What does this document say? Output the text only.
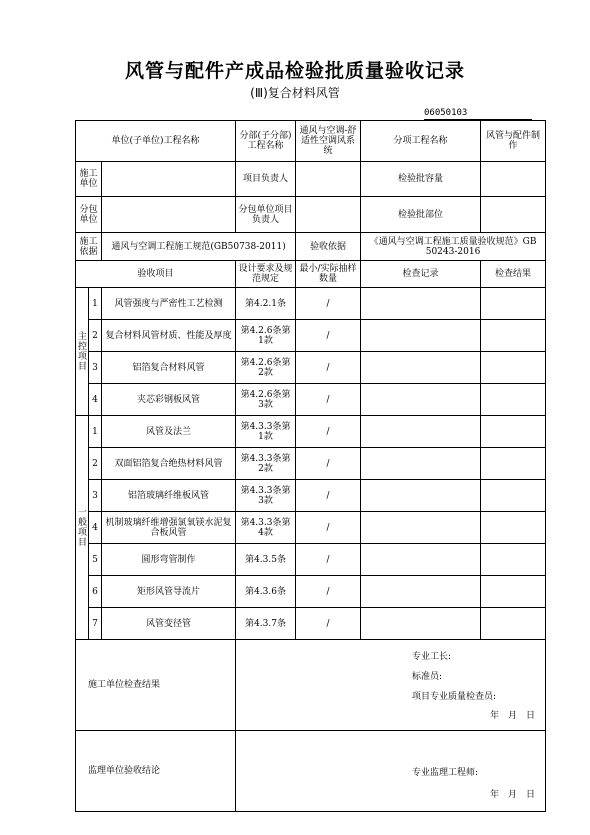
风管与配件产成品检验批质量验收记录
(Ⅲ)复合材料风管
06050103
单位(子单位)工程名称			分部(子分部)工程名称	通风与空调-舒适性空调风系统	分项工程名称	风管与配件制作
施工单位			项目负责人		检验批容量	
分包单位			分包单位项目负责人		检验批部位	
施工依据		通风与空调工程施工规范(GB50738-2011)		验收依据	《通风与空调工程施工质量验收规范》GB 50243-2016	
验收项目			设计要求及规范规定	最小/实际抽样数量	检查记录	检查结果
主控项目	1	风管强度与严密性工艺检测	第4.2.1条	/		
	2	复合材料风管材质、性能及厚度	第4.2.6条第1款	/		
	3	铝箔复合材料风管	第4.2.6条第2款	/		
	4	夹芯彩钢板风管	第4.2.6条第3款	/		
一般项目	1	风管及法兰	第4.3.3条第1款	/		
	2	双面铝箔复合绝热材料风管	第4.3.3条第2款	/		
	3	铝箔玻璃纤维板风管	第4.3.3条第3款	/		
	4	机制玻璃纤维增强氯氧镁水泥复合板风管	第4.3.3条第4款	/		
	5	圆形弯管制作	第4.3.5条	/		
	6	矩形风管导流片	第4.3.6条	/		
	7	风管变径管	第4.3.7条	/		
施工单位检查结果			专业工长:
标准员:
项目专业质量检查员:
年　月　日			

监理单位验收结论			专业监理工程师:
年　月　日			
